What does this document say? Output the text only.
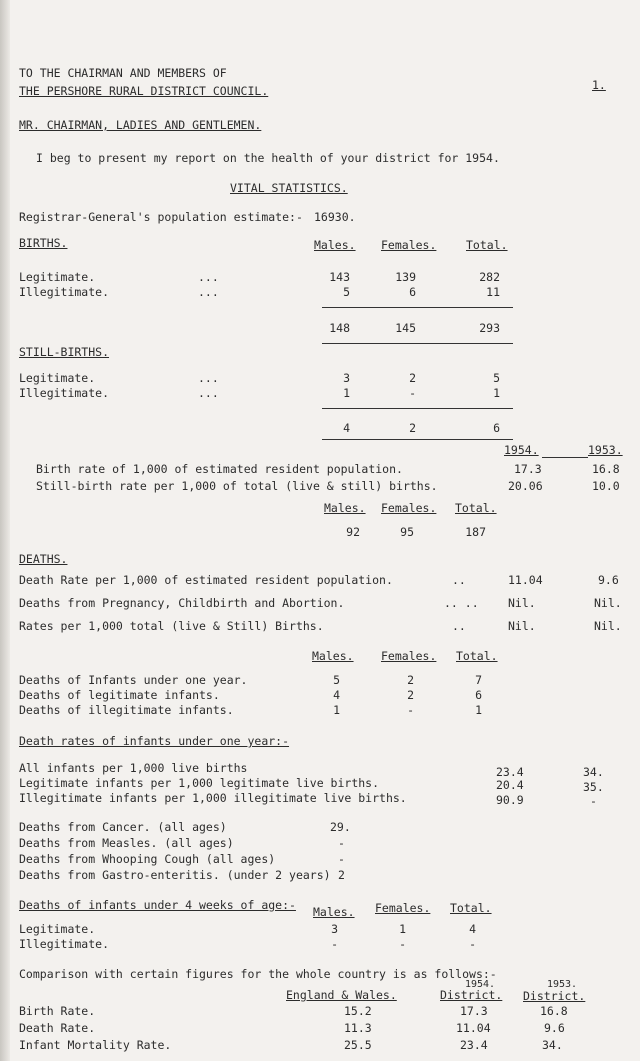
TO THE CHAIRMAN AND MEMBERS OF
THE PERSHORE RURAL DISTRICT COUNCIL.	1.
MR. CHAIRMAN, LADIES AND GENTLEMEN.
I beg to present my report on the health of your district for 1954.
VITAL STATISTICS.
Registrar-General's population estimate:- 16930.
BIRTHS.	Males. Females.	Total.
Legitimate.	...	143	139	282
Illegitimate.	...	5	6	11
148	145	293
STILL-BIRTHS.
Legitimate.	...	3	2	5
Illegitimate.	...	1	-	1
4	2	6
1954.	1953.
Birth rate of 1,000 of estimated resident population.	17.3	16.8
Still-birth rate per 1,000 of total (live & still) births.	20.06	10.0
Males. Females. Total.
92	95	187
DEATHS.
Death Rate per 1,000 of estimated resident population.	..	11.04	9.6
Deaths from Pregnancy, Childbirth and Abortion.	.. ..	Nil.	Nil.
Rates per 1,000 total (live & Still) Births.	..	Nil.	Nil.
Males. Females. Total.
Deaths of Infants under one year.	5	2	7
Deaths of legitimate infants.	4	2	6
Deaths of illegitimate infants.	1	-	1
Death rates of infants under one year:-
All infants per 1,000 live births	23.4	34.
Legitimate infants per 1,000 legitimate live births.	20.4	35.
Illegitimate infants per 1,000 illegitimate live births.	90.9	-
Deaths from Cancer. (all ages)	29.
Deaths from Measles. (all ages)	-
Deaths from Whooping Cough (all ages)	-
Deaths from Gastro-enteritis. (under 2 years) 2
Deaths of infants under 4 weeks of age:- Males. Females. Total.
Legitimate.	3	1	4
Illegitimate.	-	-	-
Comparison with certain figures for the whole country is as follows:-
1954.	1953.
England & Wales.	District. District.
Birth Rate.	15.2	17.3	16.8
Death Rate.	11.3	11.04	9.6
Infant Mortality Rate.	25.5	23.4	34.
